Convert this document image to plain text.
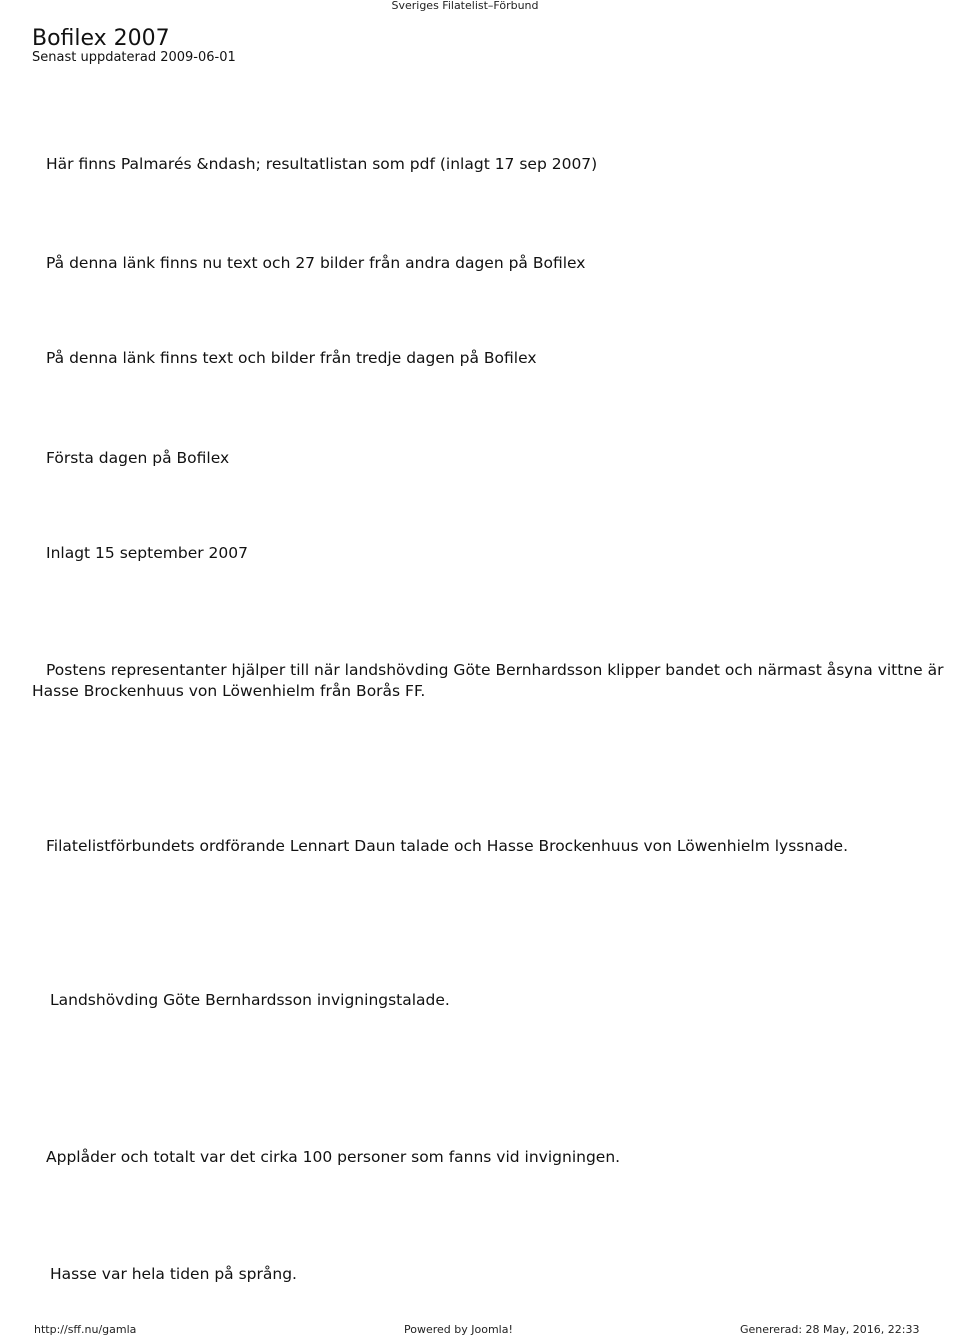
Sveriges Filatelist–Förbund
Bofilex 2007
Senast uppdaterad 2009-06-01
Här finns Palmarés &ndash; resultatlistan som pdf (inlagt 17 sep 2007)
På denna länk finns nu text och 27 bilder från andra dagen på Bofilex
På denna länk finns text och bilder från tredje dagen på Bofilex
Första dagen på Bofilex
Inlagt 15 september 2007
Postens representanter hjälper till när landshövding Göte Bernhardsson klipper bandet och närmast åsyna vittne är Hasse Brockenhuus von Löwenhielm från Borås FF.
Filatelistförbundets ordförande Lennart Daun talade och Hasse Brockenhuus von Löwenhielm lyssnade.
Landshövding Göte Bernhardsson invigningstalade.
Applåder och totalt var det cirka 100 personer som fanns vid invigningen.
Hasse var hela tiden på språng.
http://sff.nu/gamla	Powered by Joomla!	Genererad: 28 May, 2016, 22:33
